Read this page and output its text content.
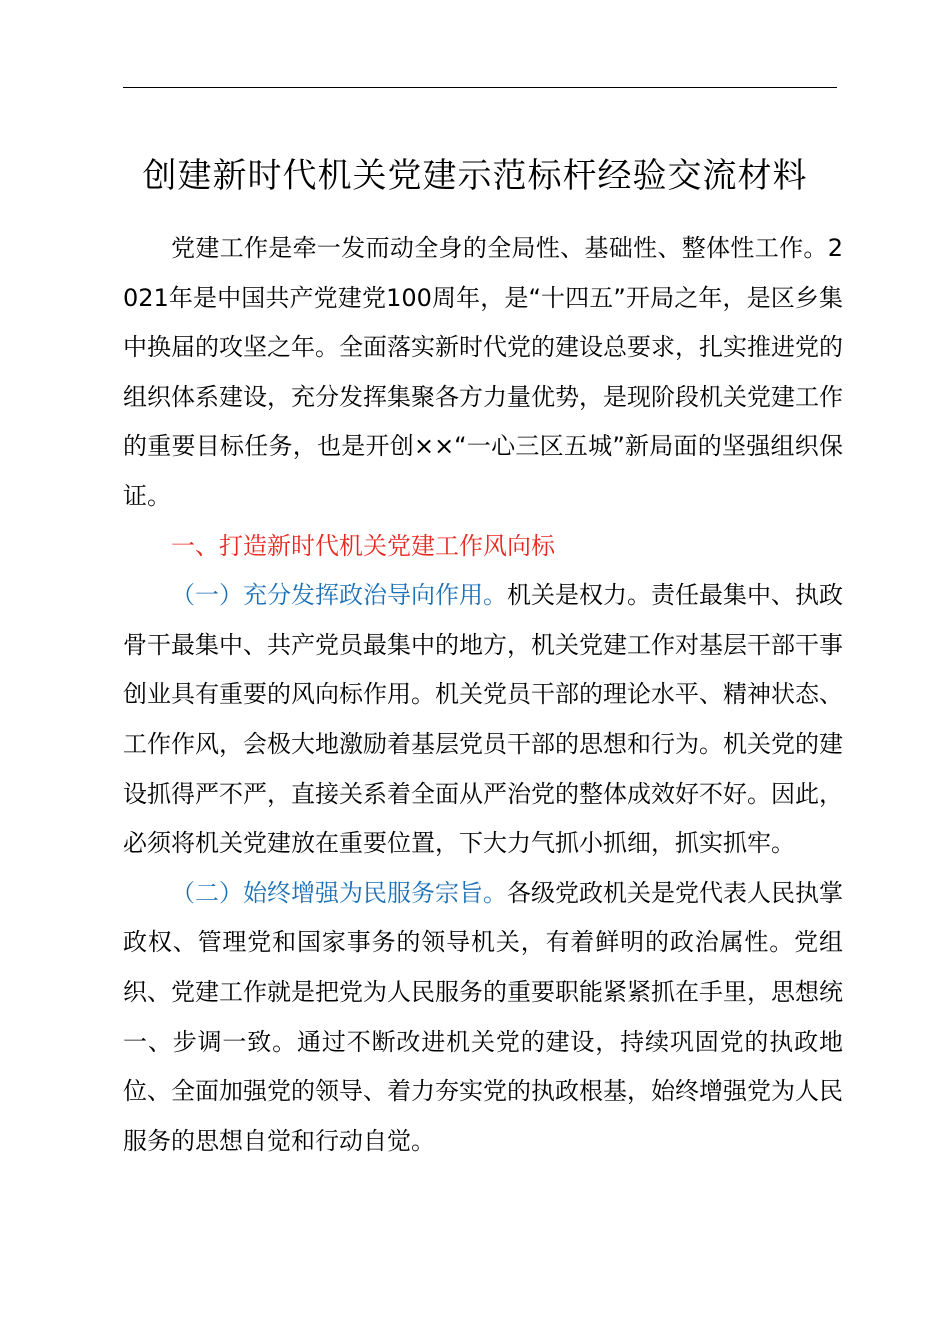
创建新时代机关党建示范标杆经验交流材料

党建工作是牵一发而动全身的全局性、基础性、整体性工作。2021年是中国共产党建党100周年，是“十四五”开局之年，是区乡集中换届的攻坚之年。全面落实新时代党的建设总要求，扎实推进党的组织体系建设，充分发挥集聚各方力量优势，是现阶段机关党建工作的重要目标任务，也是开创××“一心三区五城”新局面的坚强组织保证。

一、打造新时代机关党建工作风向标

（一）充分发挥政治导向作用。机关是权力。责任最集中、执政骨干最集中、共产党员最集中的地方，机关党建工作对基层干部干事创业具有重要的风向标作用。机关党员干部的理论水平、精神状态、工作作风，会极大地激励着基层党员干部的思想和行为。机关党的建设抓得严不严，直接关系着全面从严治党的整体成效好不好。因此，必须将机关党建放在重要位置，下大力气抓小抓细，抓实抓牢。

（二）始终增强为民服务宗旨。各级党政机关是党代表人民执掌政权、管理党和国家事务的领导机关，有着鲜明的政治属性。党组织、党建工作就是把党为人民服务的重要职能紧紧抓在手里，思想统一、步调一致。通过不断改进机关党的建设，持续巩固党的执政地位、全面加强党的领导、着力夯实党的执政根基，始终增强党为人民服务的思想自觉和行动自觉。
